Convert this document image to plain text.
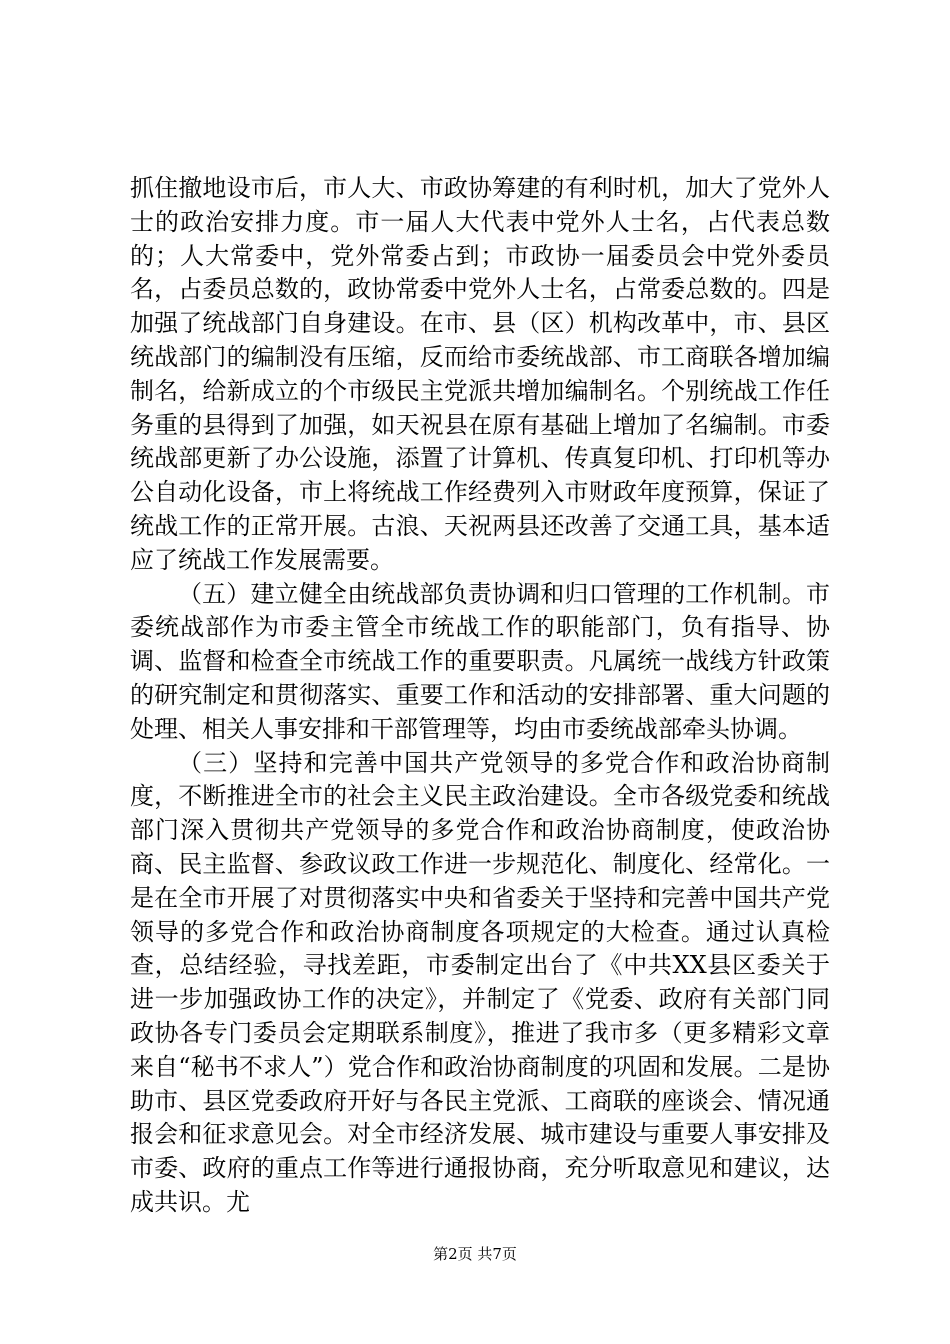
抓住撤地设市后，市人大、市政协筹建的有利时机，加大了党外人士的政治安排力度。市一届人大代表中党外人士名，占代表总数的；人大常委中，党外常委占到；市政协一届委员会中党外委员名，占委员总数的，政协常委中党外人士名，占常委总数的。四是加强了统战部门自身建设。在市、县（区）机构改革中，市、县区统战部门的编制没有压缩，反而给市委统战部、市工商联各增加编制名，给新成立的个市级民主党派共增加编制名。个别统战工作任务重的县得到了加强，如天祝县在原有基础上增加了名编制。市委统战部更新了办公设施，添置了计算机、传真复印机、打印机等办公自动化设备，市上将统战工作经费列入市财政年度预算，保证了统战工作的正常开展。古浪、天祝两县还改善了交通工具，基本适应了统战工作发展需要。

（五）建立健全由统战部负责协调和归口管理的工作机制。市委统战部作为市委主管全市统战工作的职能部门，负有指导、协调、监督和检查全市统战工作的重要职责。凡属统一战线方针政策的研究制定和贯彻落实、重要工作和活动的安排部署、重大问题的处理、相关人事安排和干部管理等，均由市委统战部牵头协调。

（三）坚持和完善中国共产党领导的多党合作和政治协商制度，不断推进全市的社会主义民主政治建设。全市各级党委和统战部门深入贯彻共产党领导的多党合作和政治协商制度，使政治协商、民主监督、参政议政工作进一步规范化、制度化、经常化。一是在全市开展了对贯彻落实中央和省委关于坚持和完善中国共产党领导的多党合作和政治协商制度各项规定的大检查。通过认真检查，总结经验，寻找差距，市委制定出台了《中共XX县区委关于进一步加强政协工作的决定》，并制定了《党委、政府有关部门同政协各专门委员会定期联系制度》，推进了我市多（更多精彩文章来自“秘书不求人”）党合作和政治协商制度的巩固和发展。二是协助市、县区党委政府开好与各民主党派、工商联的座谈会、情况通报会和征求意见会。对全市经济发展、城市建设与重要人事安排及市委、政府的重点工作等进行通报协商，充分听取意见和建议，达成共识。尤

第2页 共7页
